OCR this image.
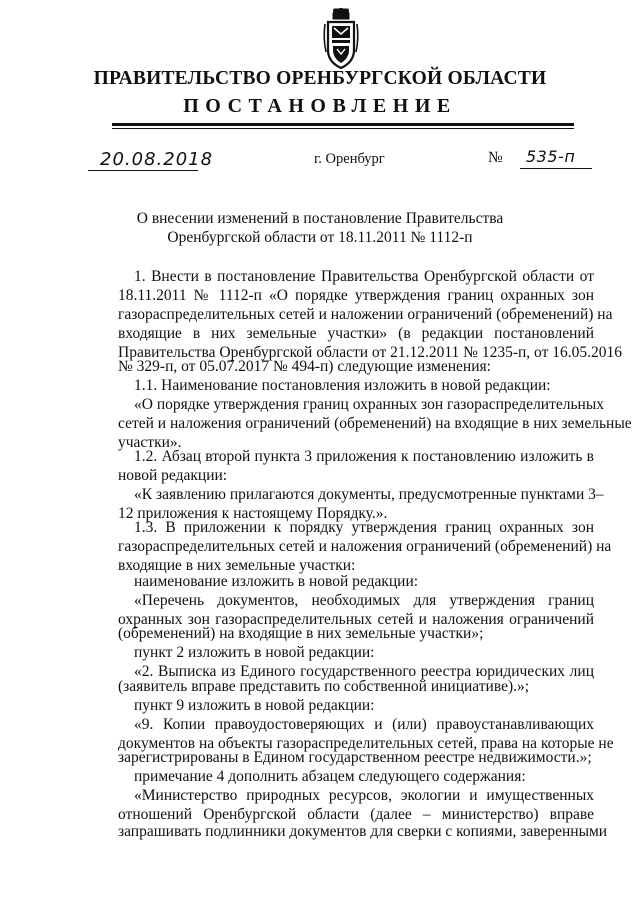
ПРАВИТЕЛЬСТВО ОРЕНБУРГСКОЙ ОБЛАСТИ
ПОСТАНОВЛЕНИЕ
20.08.2018	г. Оренбург	№ 535-п
О внесении изменений в постановление Правительства
Оренбургской области от 18.11.2011 № 1112-п
1. Внести в постановление Правительства Оренбургской области от
18.11.2011 № 1112-п «О порядке утверждения границ охранных зон
газораспределительных сетей и наложении ограничений (обременений) на
входящие в них земельные участки» (в редакции постановлений
Правительства Оренбургской области от 21.12.2011 № 1235-п, от 16.05.2016
№ 329-п, от 05.07.2017 № 494-п) следующие изменения:
1.1. Наименование постановления изложить в новой редакции:
«О порядке утверждения границ охранных зон газораспределительных
сетей и наложения ограничений (обременений) на входящие в них земельные
участки».
1.2. Абзац второй пункта 3 приложения к постановлению изложить в
новой редакции:
«К заявлению прилагаются документы, предусмотренные пунктами 3–
12 приложения к настоящему Порядку.».
1.3. В приложении к порядку утверждения границ охранных зон
газораспределительных сетей и наложения ограничений (обременений) на
входящие в них земельные участки:
наименование изложить в новой редакции:
«Перечень документов, необходимых для утверждения границ
охранных зон газораспределительных сетей и наложения ограничений
(обременений) на входящие в них земельные участки»;
пункт 2 изложить в новой редакции:
«2. Выписка из Единого государственного реестра юридических лиц
(заявитель вправе представить по собственной инициативе).»;
пункт 9 изложить в новой редакции:
«9. Копии правоудостоверяющих и (или) правоустанавливающих
документов на объекты газораспределительных сетей, права на которые не
зарегистрированы в Едином государственном реестре недвижимости.»;
примечание 4 дополнить абзацем следующего содержания:
«Министерство природных ресурсов, экологии и имущественных
отношений Оренбургской области (далее – министерство) вправе
запрашивать подлинники документов для сверки с копиями, заверенными
